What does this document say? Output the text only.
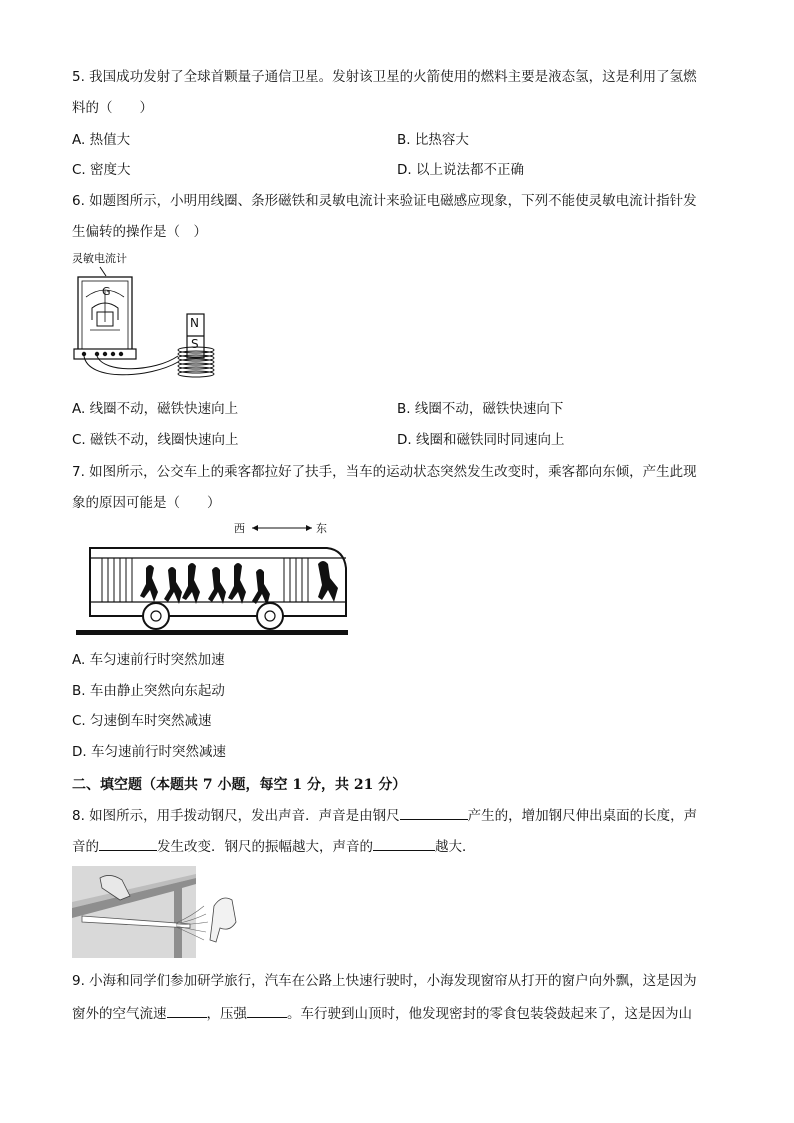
5. 我国成功发射了全球首颗量子通信卫星。发射该卫星的火箭使用的燃料主要是液态氢，这是利用了氢燃
料的（　　）
A. 热值大	B. 比热容大
C. 密度大	D. 以上说法都不正确
6. 如题图所示，小明用线圈、条形磁铁和灵敏电流计来验证电磁感应现象，下列不能使灵敏电流计指针发
生偏转的操作是（　）
灵敏电流计
G
N
S
A. 线圈不动，磁铁快速向上	B. 线圈不动，磁铁快速向下
C. 磁铁不动，线圈快速向上	D. 线圈和磁铁同时同速向上
7. 如图所示，公交车上的乘客都拉好了扶手，当车的运动状态突然发生改变时，乘客都向东倾，产生此现
象的原因可能是（　　）
西	东
A. 车匀速前行时突然加速
B. 车由静止突然向东起动
C. 匀速倒车时突然减速
D. 车匀速前行时突然减速
二、填空题（本题共 7 小题，每空 1 分，共 21 分）
8. 如图所示，用手拨动钢尺，发出声音．声音是由钢尺	产生的，增加钢尺伸出桌面的长度，声
音的	发生改变．钢尺的振幅越大，声音的	越大．
9. 小海和同学们参加研学旅行，汽车在公路上快速行驶时，小海发现窗帘从打开的窗户向外飘，这是因为
窗外的空气流速	，压强	。车行驶到山顶时，他发现密封的零食包装袋鼓起来了，这是因为山
